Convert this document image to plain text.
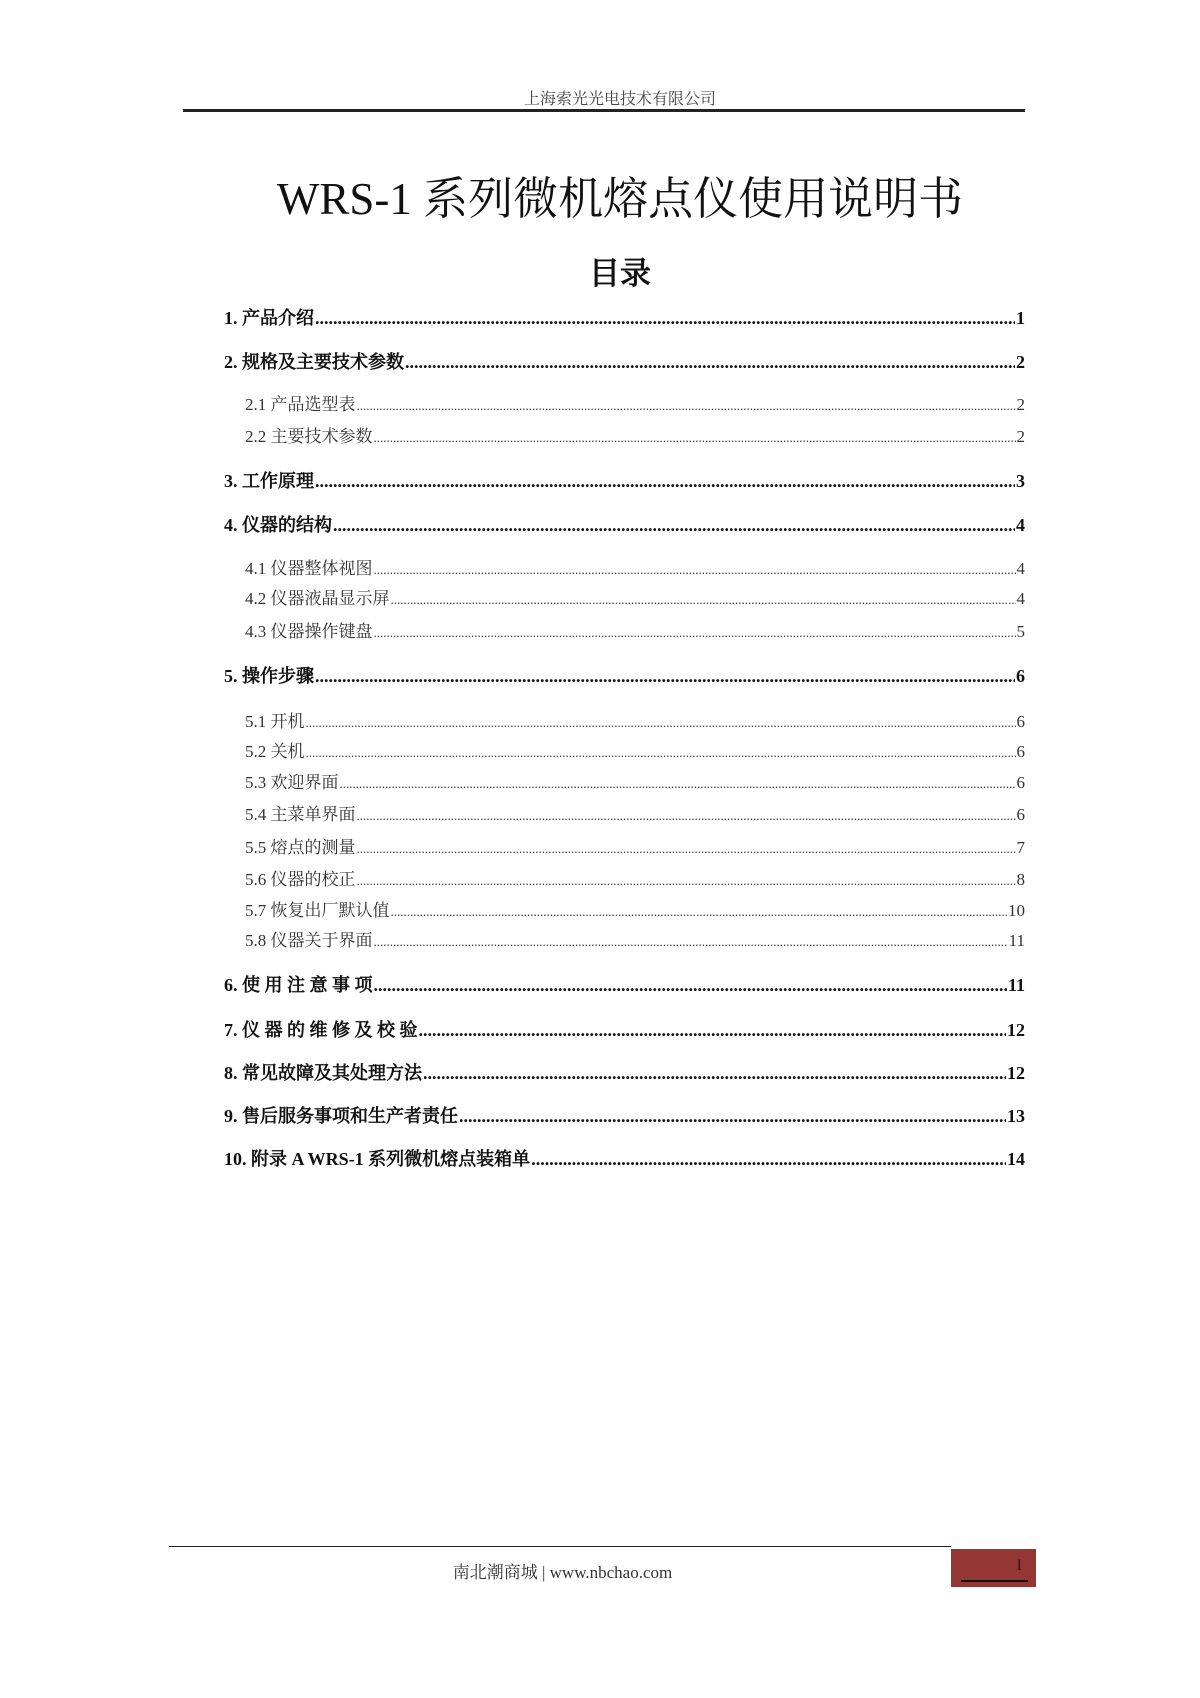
上海索光光电技术有限公司
WRS-1 系列微机熔点仪使用说明书
目录
1. 产品介绍 .....	1
2. 规格及主要技术参数 .....	2
2.1 产品选型表 .....	2
2.2 主要技术参数 .....	2
3. 工作原理 .....	3
4. 仪器的结构 .....	4
4.1 仪器整体视图 .....	4
4.2 仪器液晶显示屏 .....	4
4.3 仪器操作键盘 .....	5
5. 操作步骤 .....	6
5.1 开机 .....	6
5.2 关机 .....	6
5.3 欢迎界面 .....	6
5.4 主菜单界面 .....	6
5.5 熔点的测量 .....	7
5.6 仪器的校正 .....	8
5.7 恢复出厂默认值 .....	10
5.8 仪器关于界面 .....	11
6. 使 用 注 意 事 项 .....	11
7. 仪 器 的 维 修 及 校 验 .....	12
8. 常见故障及其处理方法 .....	12
9. 售后服务事项和生产者责任 .....	13
10. 附录 A WRS-1 系列微机熔点装箱单 .....	14
南北潮商城 | www.nbchao.com	I
